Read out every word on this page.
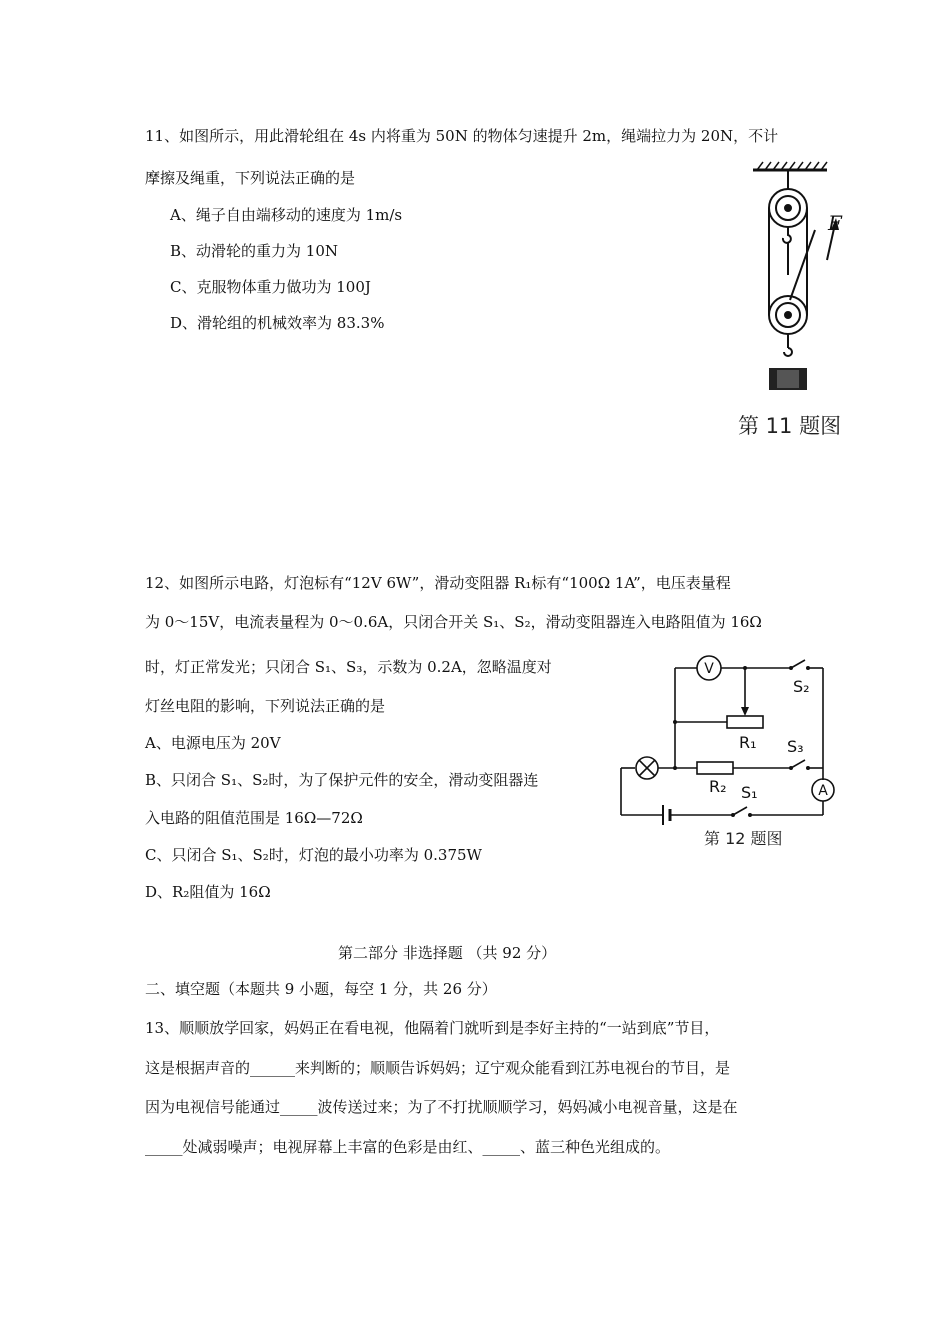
11、如图所示，用此滑轮组在 4s 内将重为 50N 的物体匀速提升 2m，绳端拉力为 20N，不计
摩擦及绳重，下列说法正确的是
A、绳子自由端移动的速度为 1m/s
B、动滑轮的重力为 10N
C、克服物体重力做功为 100J
D、滑轮组的机械效率为 83.3%
F
第 11 题图
12、如图所示电路，灯泡标有“12V 6W”，滑动变阻器 R₁标有“100Ω 1A”，电压表量程
为 0～15V，电流表量程为 0～0.6A，只闭合开关 S₁、S₂，滑动变阻器连入电路阻值为 16Ω
时，灯正常发光；只闭合 S₁、S₃，示数为 0.2A，忽略温度对
灯丝电阻的影响，下列说法正确的是
A、电源电压为 20V
B、只闭合 S₁、S₂时，为了保护元件的安全，滑动变阻器连
入电路的阻值范围是 16Ω—72Ω
C、只闭合 S₁、S₂时，灯泡的最小功率为 0.375W
D、R₂阻值为 16Ω
V
A
S₂
R₁ S₃
R₂ S₁
第 12 题图
第二部分 非选择题 （共 92 分）
二、填空题（本题共 9 小题，每空 1 分，共 26 分）
13、顺顺放学回家，妈妈正在看电视，他隔着门就听到是李好主持的“一站到底”节目，
这是根据声音的______来判断的；顺顺告诉妈妈；辽宁观众能看到江苏电视台的节目，是
因为电视信号能通过_____波传送过来；为了不打扰顺顺学习，妈妈减小电视音量，这是在
_____处减弱噪声；电视屏幕上丰富的色彩是由红、_____、蓝三种色光组成的。
